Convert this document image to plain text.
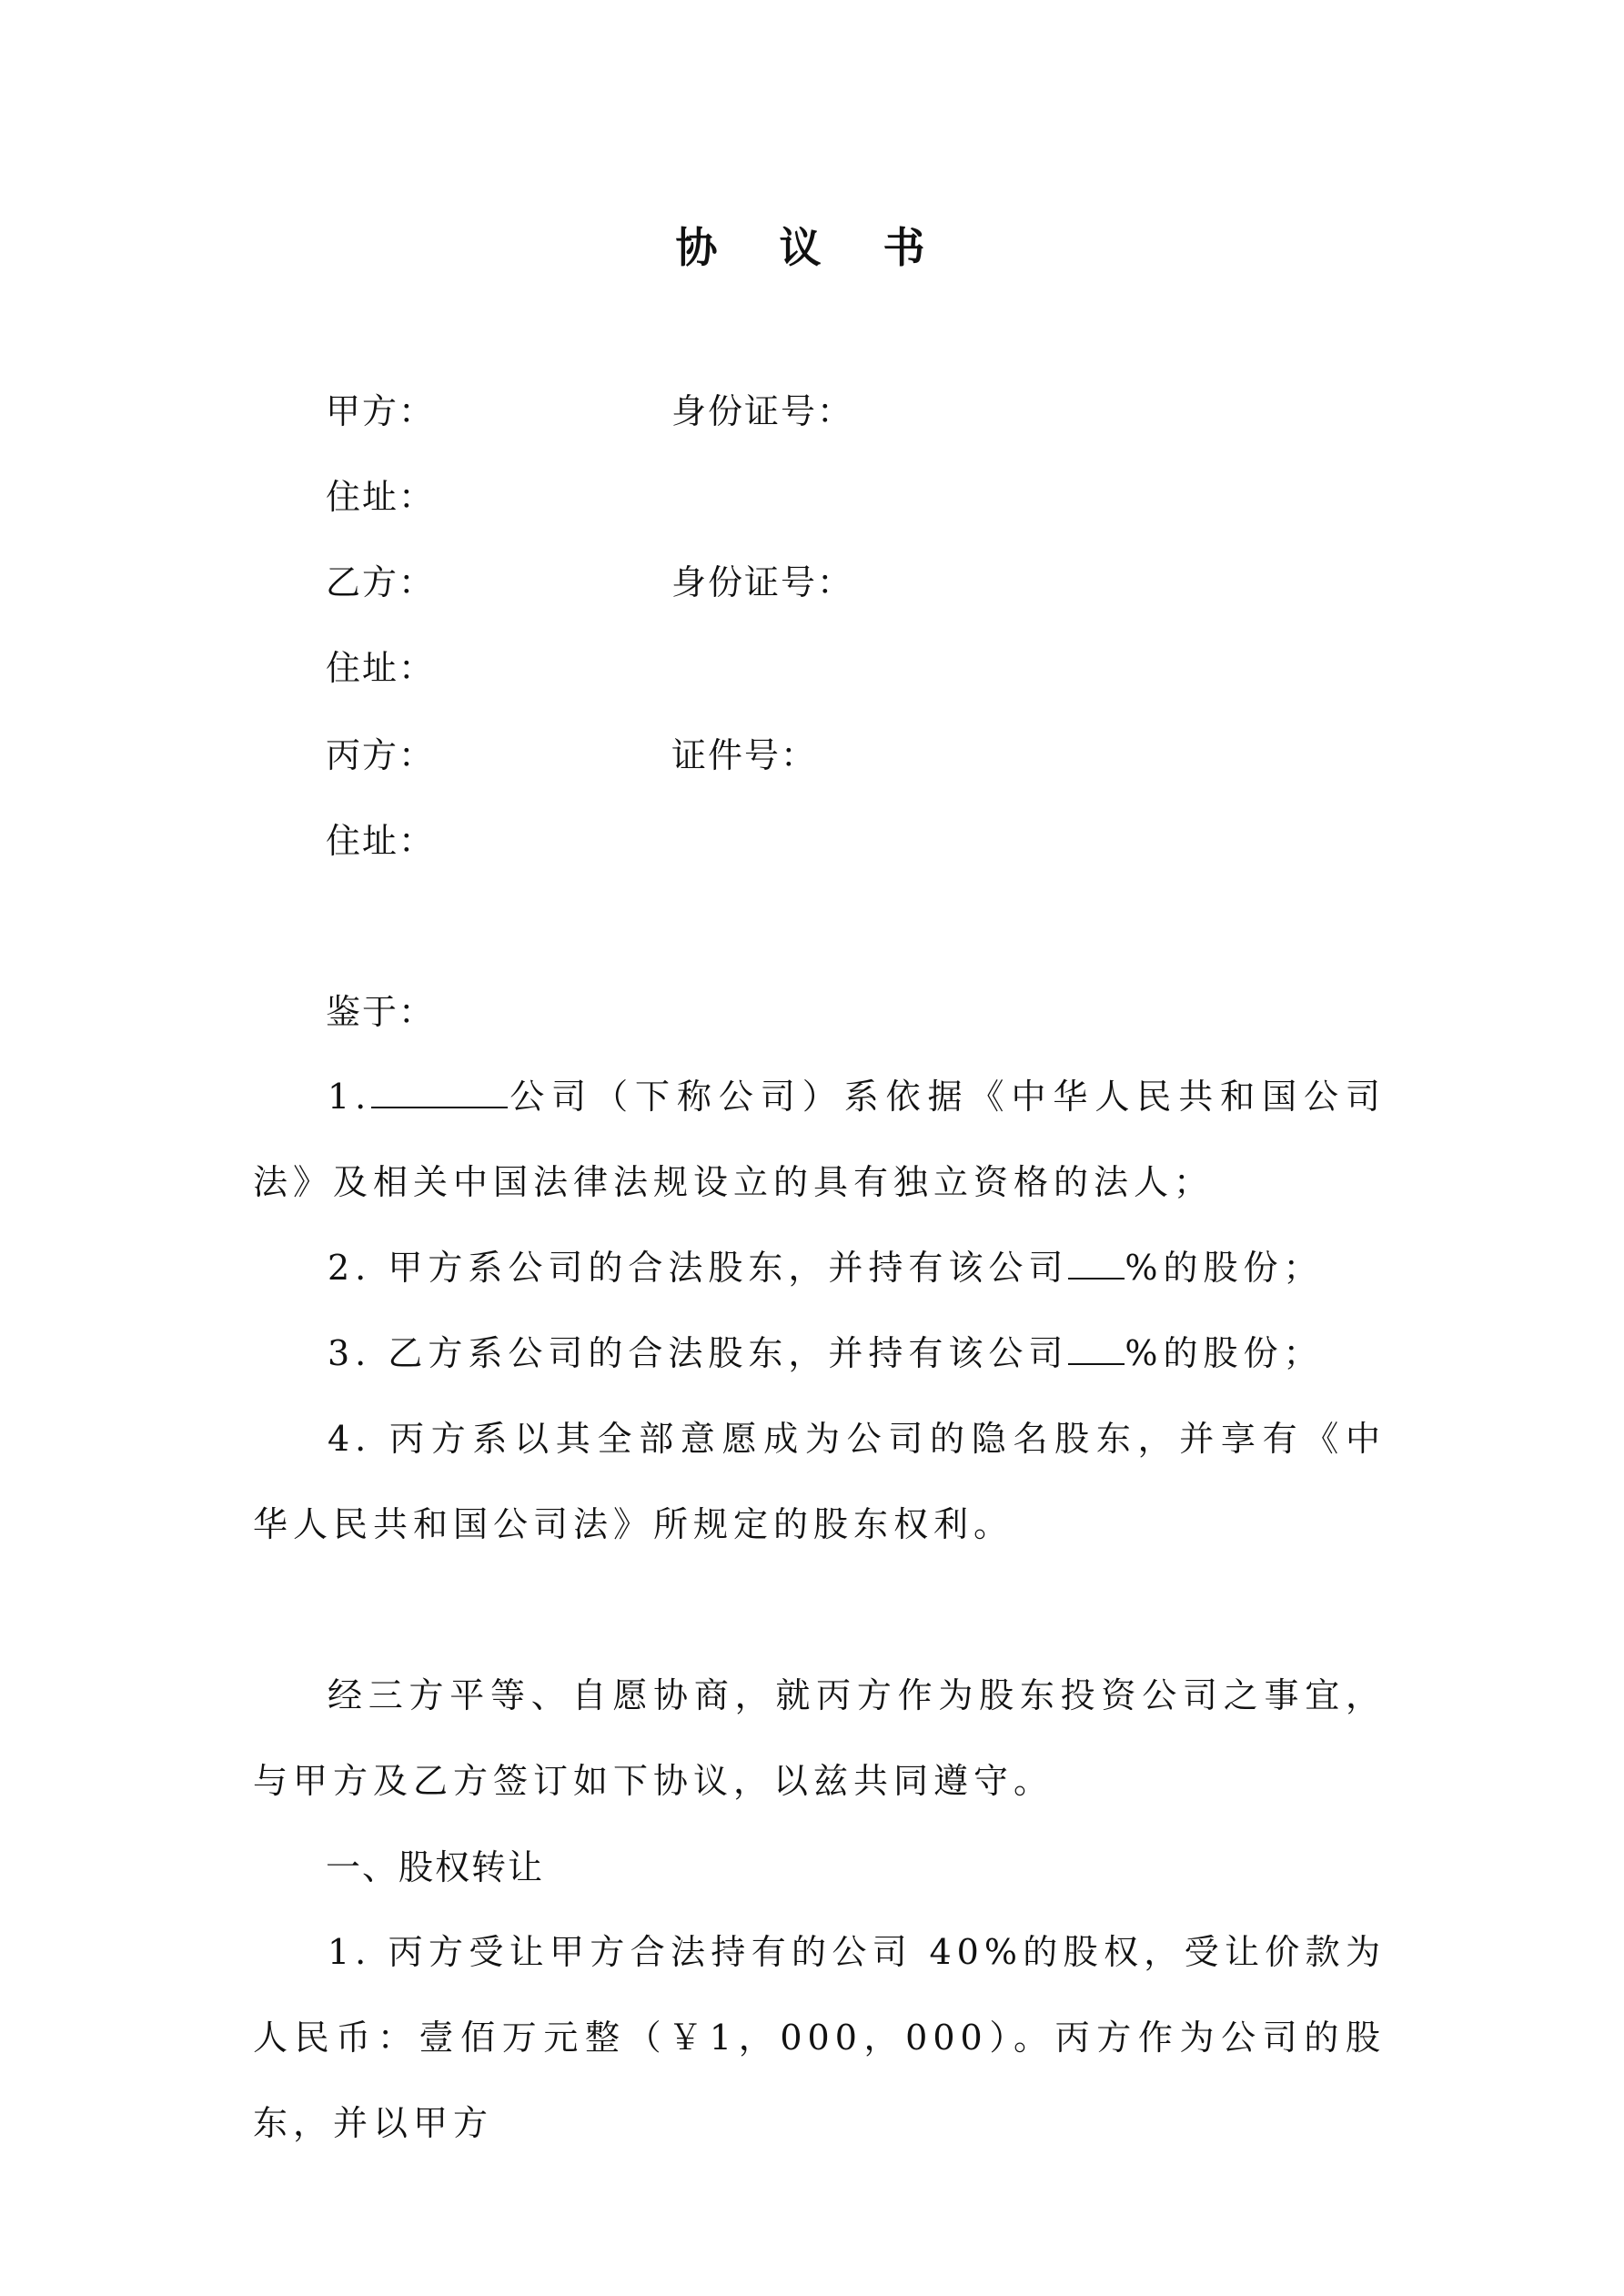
协 议 书
甲方：	身份证号：
住址：
乙方：	身份证号：
住址：
丙方：	证件号：
住址：
鉴于：
1.	公司（下称公司）系依据《中华人民共和国公司法》及相关中国法律法规设立的具有独立资格的法人；
2. 甲方系公司的合法股东，并持有该公司 %的股份；
3. 乙方系公司的合法股东，并持有该公司 %的股份；
4. 丙方系以其全部意愿成为公司的隐名股东，并享有《中华人民共和国公司法》所规定的股东权利。
经三方平等、自愿协商，就丙方作为股东投资公司之事宜，与甲方及乙方签订如下协议，以兹共同遵守。
一、股权转让
1. 丙方受让甲方合法持有的公司 40%的股权，受让价款为人民币：壹佰万元整（￥1，000，000）。丙方作为公司的股东，并以甲方
